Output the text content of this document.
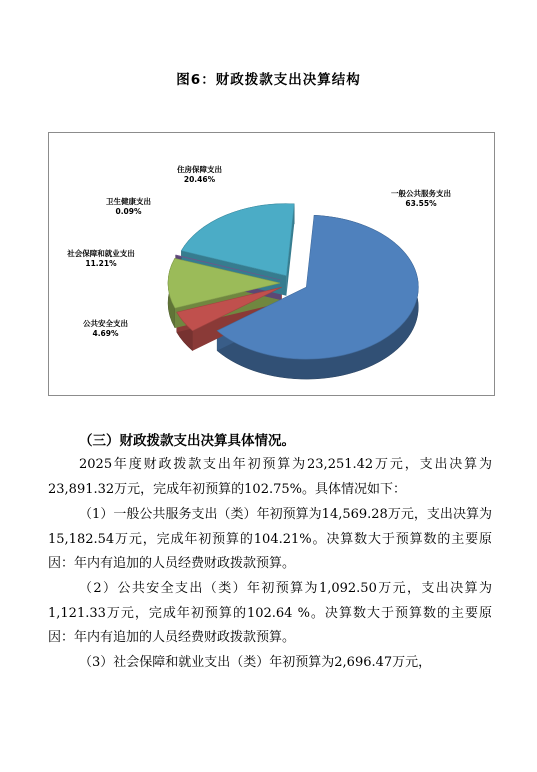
图6：财政拨款支出决算结构
一般公共服务支出
63.55%
住房保障支出
20.46%
卫生健康支出
0.09%
社会保障和就业支出
11.21%
公共安全支出
4.69%
（三）财政拨款支出决算具体情况。

2025年度财政拨款支出年初预算为23,251.42万元，支出决算为23,891.32万元，完成年初预算的102.75%。具体情况如下：

（1）一般公共服务支出（类）年初预算为14,569.28万元，支出决算为15,182.54万元，完成年初预算的104.21%。决算数大于预算数的主要原因：年内有追加的人员经费财政拨款预算。

（2）公共安全支出（类）年初预算为1,092.50万元，支出决算为1,121.33万元，完成年初预算的102.64 %。决算数大于预算数的主要原因：年内有追加的人员经费财政拨款预算。

（3）社会保障和就业支出（类）年初预算为2,696.47万元，
